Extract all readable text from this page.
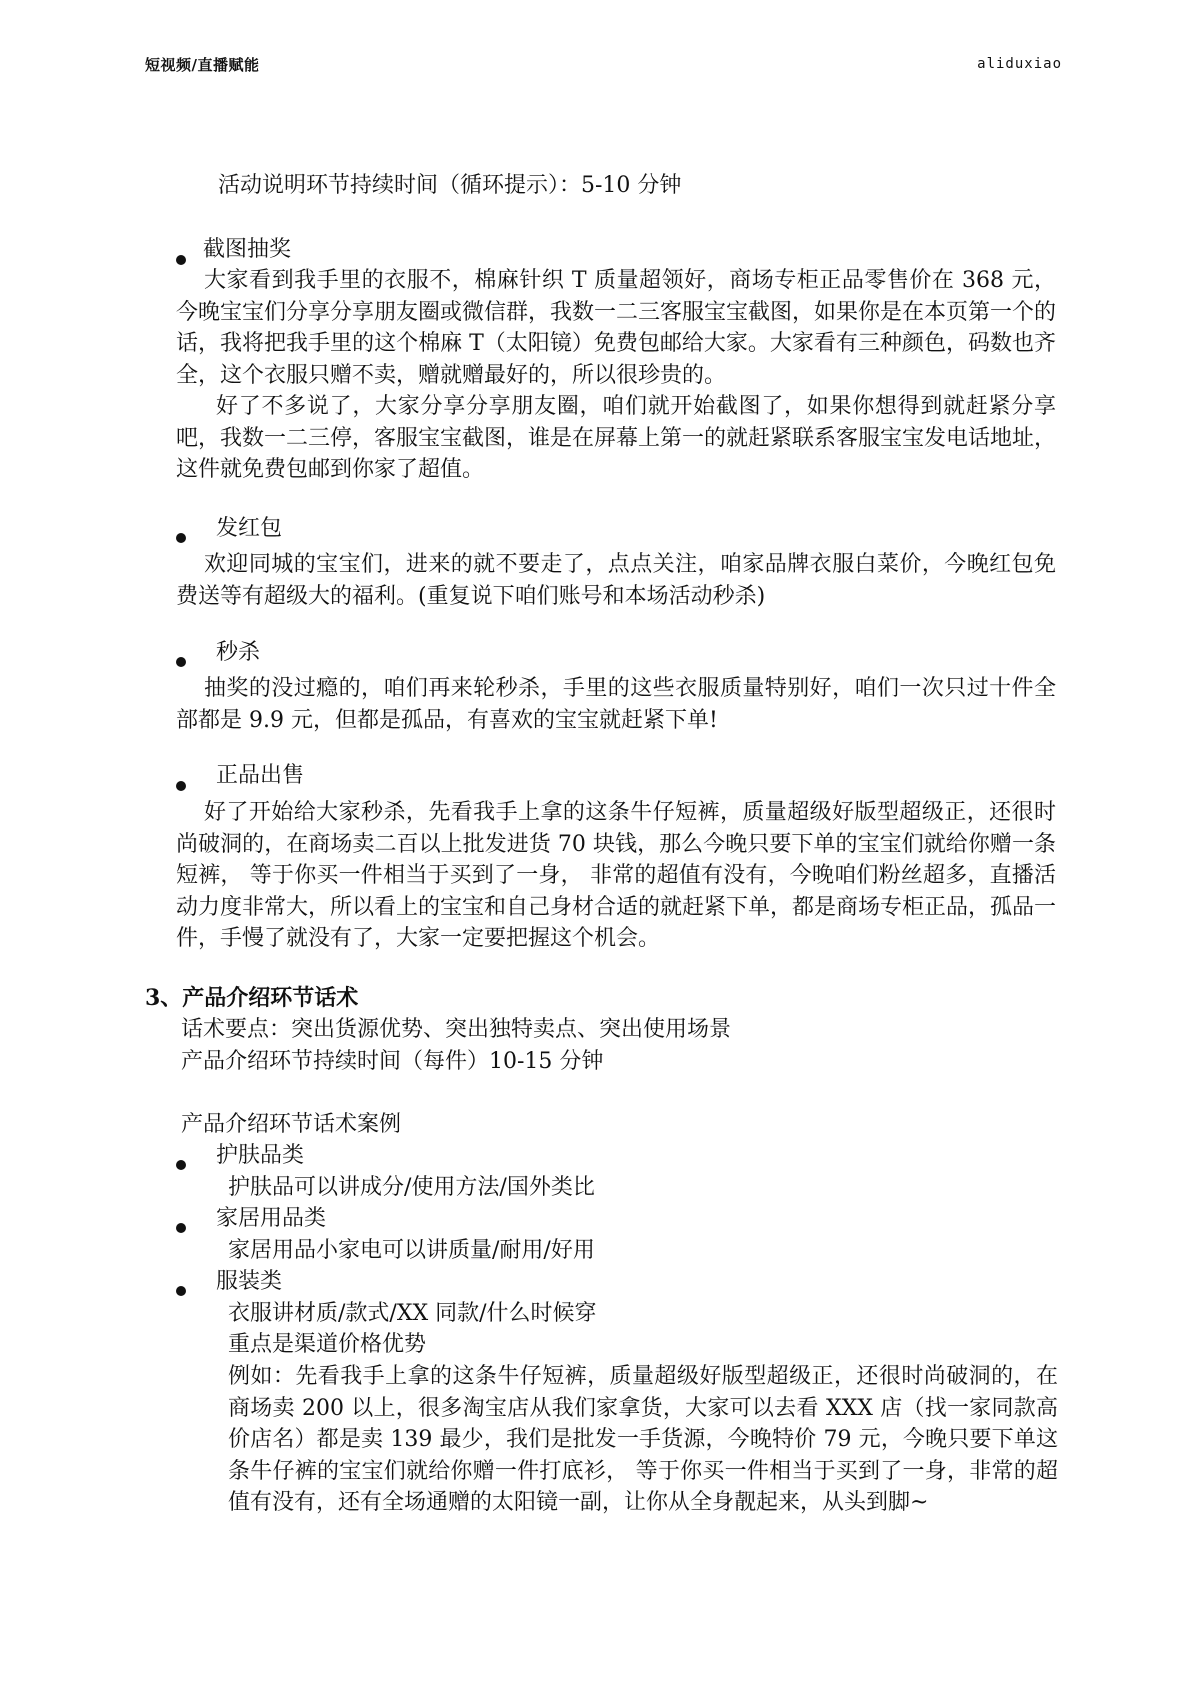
短视频/直播赋能	aliduxiao
活动说明环节持续时间（循环提示）：5-10 分钟
截图抽奖
大家看到我手里的衣服不，棉麻针织 T 质量超领好，商场专柜正品零售价在 368 元，今晚宝宝们分享分享朋友圈或微信群，我数一二三客服宝宝截图，如果你是在本页第一个的话，我将把我手里的这个棉麻 T（太阳镜）免费包邮给大家。大家看有三种颜色，码数也齐全，这个衣服只赠不卖，赠就赠最好的，所以很珍贵的。
好了不多说了，大家分享分享朋友圈，咱们就开始截图了，如果你想得到就赶紧分享吧，我数一二三停，客服宝宝截图，谁是在屏幕上第一的就赶紧联系客服宝宝发电话地址，这件就免费包邮到你家了超值。
发红包
欢迎同城的宝宝们，进来的就不要走了，点点关注，咱家品牌衣服白菜价，今晚红包免费送等有超级大的福利。(重复说下咱们账号和本场活动秒杀)
秒杀
抽奖的没过瘾的，咱们再来轮秒杀，手里的这些衣服质量特别好，咱们一次只过十件全部都是 9.9 元，但都是孤品，有喜欢的宝宝就赶紧下单!
正品出售
好了开始给大家秒杀，先看我手上拿的这条牛仔短裤，质量超级好版型超级正，还很时尚破洞的，在商场卖二百以上批发进货 70 块钱，那么今晚只要下单的宝宝们就给你赠一条短裤， 等于你买一件相当于买到了一身， 非常的超值有没有，今晚咱们粉丝超多，直播活动力度非常大，所以看上的宝宝和自己身材合适的就赶紧下单，都是商场专柜正品，孤品一件，手慢了就没有了，大家一定要把握这个机会。
3、产品介绍环节话术
话术要点：突出货源优势、突出独特卖点、突出使用场景
产品介绍环节持续时间（每件）10-15 分钟
产品介绍环节话术案例
护肤品类
护肤品可以讲成分/使用方法/国外类比
家居用品类
家居用品小家电可以讲质量/耐用/好用
服装类
衣服讲材质/款式/XX 同款/什么时候穿
重点是渠道价格优势
例如：先看我手上拿的这条牛仔短裤，质量超级好版型超级正，还很时尚破洞的，在商场卖 200 以上，很多淘宝店从我们家拿货，大家可以去看 XXX 店（找一家同款高价店名）都是卖 139 最少，我们是批发一手货源，今晚特价 79 元，今晚只要下单这条牛仔裤的宝宝们就给你赠一件打底衫， 等于你买一件相当于买到了一身，非常的超值有没有，还有全场通赠的太阳镜一副，让你从全身靓起来，从头到脚~
